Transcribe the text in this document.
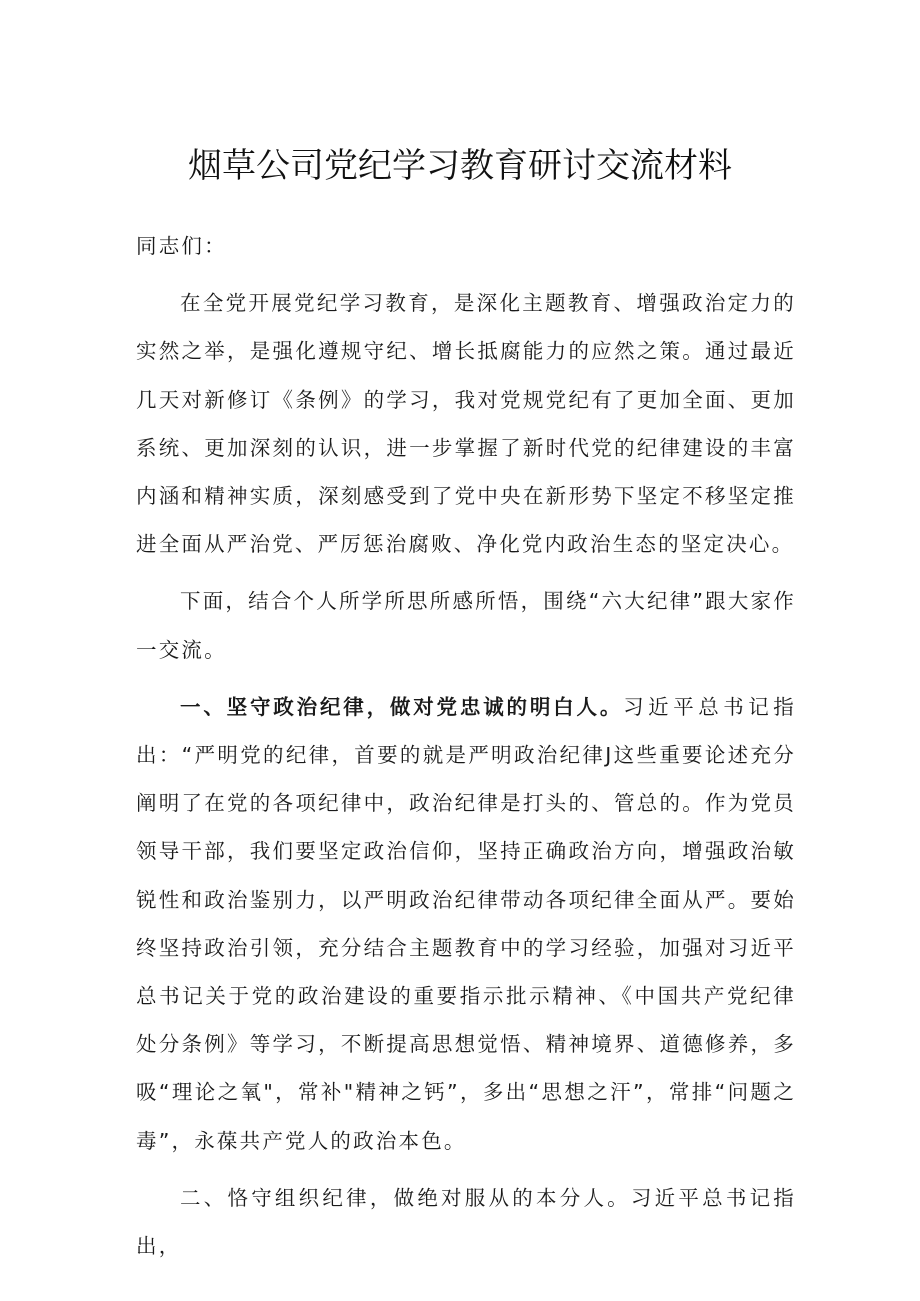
烟草公司党纪学习教育研讨交流材料

同志们：

在全党开展党纪学习教育，是深化主题教育、增强政治定力的实然之举，是强化遵规守纪、增长抵腐能力的应然之策。通过最近几天对新修订《条例》的学习，我对党规党纪有了更加全面、更加系统、更加深刻的认识，进一步掌握了新时代党的纪律建设的丰富内涵和精神实质，深刻感受到了党中央在新形势下坚定不移坚定推进全面从严治党、严厉惩治腐败、净化党内政治生态的坚定决心。

下面，结合个人所学所思所感所悟，围绕“六大纪律”跟大家作一交流。

一、坚守政治纪律，做对党忠诚的明白人。习近平总书记指出：“严明党的纪律，首要的就是严明政治纪律J这些重要论述充分阐明了在党的各项纪律中，政治纪律是打头的、管总的。作为党员领导干部，我们要坚定政治信仰，坚持正确政治方向，增强政治敏锐性和政治鉴别力，以严明政治纪律带动各项纪律全面从严。要始终坚持政治引领，充分结合主题教育中的学习经验，加强对习近平总书记关于党的政治建设的重要指示批示精神、《中国共产党纪律处分条例》等学习，不断提高思想觉悟、精神境界、道德修养，多吸“理论之氧"，常补"精神之钙”，多出“思想之汗”，常排“问题之毒”，永葆共产党人的政治本色。

二、恪守组织纪律，做绝对服从的本分人。习近平总书记指出，
